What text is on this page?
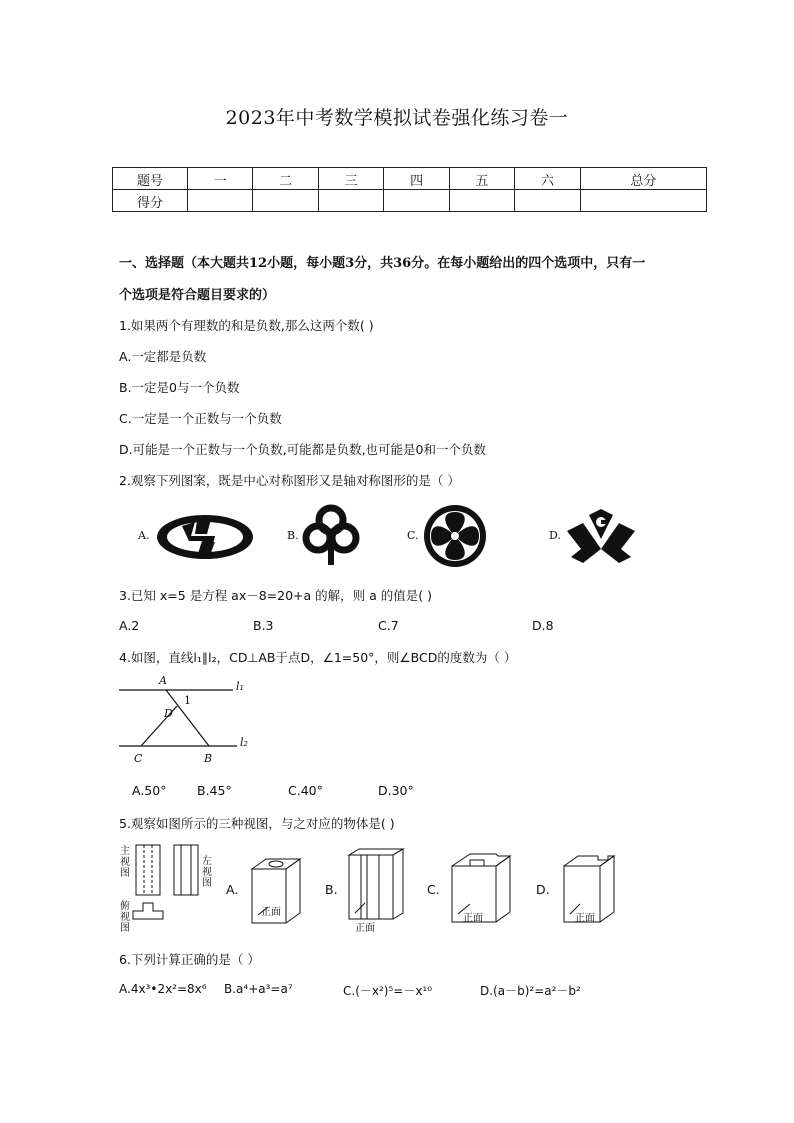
2023年中考数学模拟试卷强化练习卷一
题号	一	二	三	四	五	六	总分
得分							
一、选择题（本大题共12小题，每小题3分，共36分。在每小题给出的四个选项中，只有一
个选项是符合题目要求的）
1.如果两个有理数的和是负数,那么这两个数( )
A.一定都是负数
B.一定是0与一个负数
C.一定是一个正数与一个负数
D.可能是一个正数与一个负数,可能都是负数,也可能是0和一个负数
2.观察下列图案，既是中心对称图形又是轴对称图形的是（ ）
A.	B.	C.	D.
3.已知 x=5 是方程 ax－8=20+a 的解，则 a 的值是( )
A.2	B.3	C.7	D.8
4.如图，直线l₁∥l₂，CD⊥AB于点D，∠1=50°，则∠BCD的度数为（ ）
A	l₁
1
D
l₂
C	B
A.50° B.45°	C.40°	D.30°
5.观察如图所示的三种视图，与之对应的物体是( )
主视图
左视图
俯视图
A.
正面
B.
正面
C.
正面
D.
正面
6.下列计算正确的是（ ）
A.4x³•2x²=8x⁶ B.a⁴+a³=a⁷	C.(－x²)⁵=－x¹⁰	D.(a－b)²=a²－b²
